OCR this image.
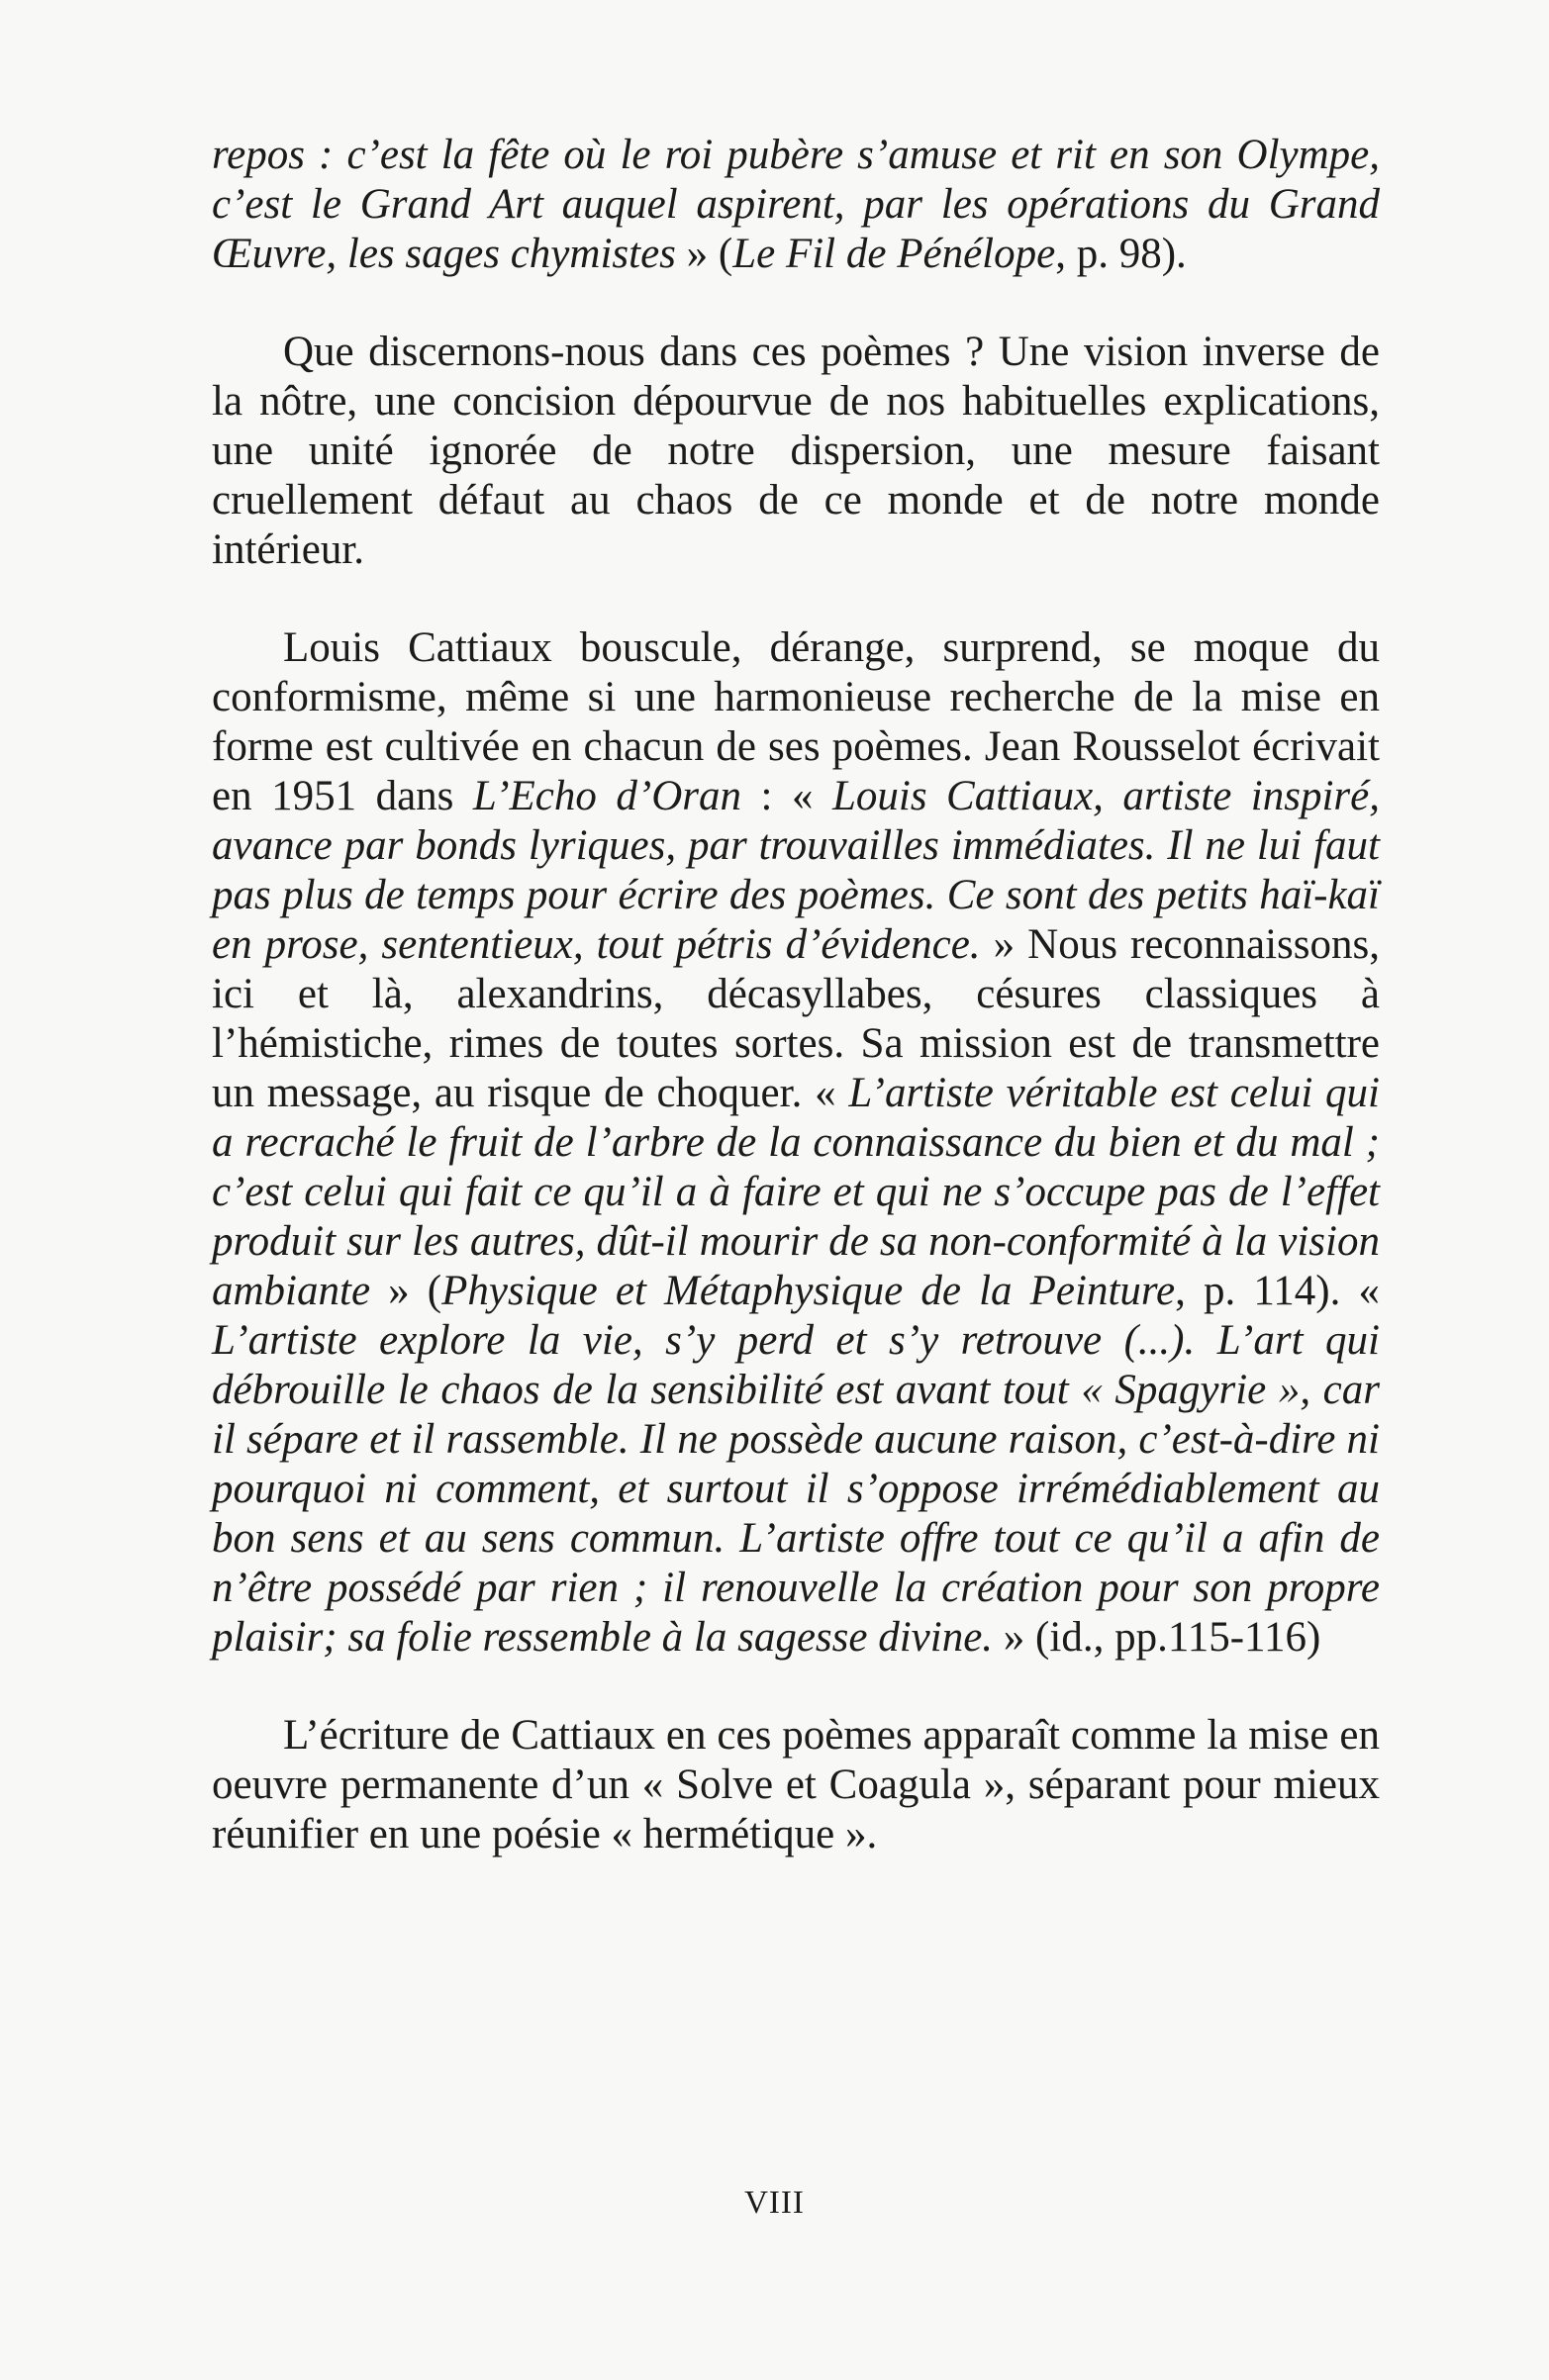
repos : c’est la fête où le roi pubère s’amuse et rit en son Olympe, c’est le Grand Art auquel aspirent, par les opérations du Grand Œuvre, les sages chymistes » (Le Fil de Pénélope, p. 98).

Que discernons-nous dans ces poèmes ? Une vision inverse de la nôtre, une concision dépourvue de nos habituelles explications, une unité ignorée de notre dispersion, une mesure faisant cruellement défaut au chaos de ce monde et de notre monde intérieur.

Louis Cattiaux bouscule, dérange, surprend, se moque du conformisme, même si une harmonieuse recherche de la mise en forme est cultivée en chacun de ses poèmes. Jean Rousselot écrivait en 1951 dans L’Echo d’Oran : « Louis Cattiaux, artiste inspiré, avance par bonds lyriques, par trouvailles immédiates. Il ne lui faut pas plus de temps pour écrire des poèmes. Ce sont des petits haï-kaï en prose, sententieux, tout pétris d’évidence. » Nous reconnaissons, ici et là, alexandrins, décasyllabes, césures classiques à l’hémistiche, rimes de toutes sortes. Sa mission est de transmettre un message, au risque de choquer. « L’artiste véritable est celui qui a recraché le fruit de l’arbre de la connaissance du bien et du mal ; c’est celui qui fait ce qu’il a à faire et qui ne s’occupe pas de l’effet produit sur les autres, dût-il mourir de sa non-conformité à la vision ambiante » (Physique et Métaphysique de la Peinture, p. 114). « L’artiste explore la vie, s’y perd et s’y retrouve (...). L’art qui débrouille le chaos de la sensibilité est avant tout « Spagyrie », car il sépare et il rassemble. Il ne possède aucune raison, c’est-à-dire ni pourquoi ni comment, et surtout il s’oppose irrémédiablement au bon sens et au sens commun. L’artiste offre tout ce qu’il a afin de n’être possédé par rien ; il renouvelle la création pour son propre plaisir; sa folie ressemble à la sagesse divine. » (id., pp.115-116)

L’écriture de Cattiaux en ces poèmes apparaît comme la mise en oeuvre permanente d’un « Solve et Coagula », séparant pour mieux réunifier en une poésie « hermétique ».

VIII
